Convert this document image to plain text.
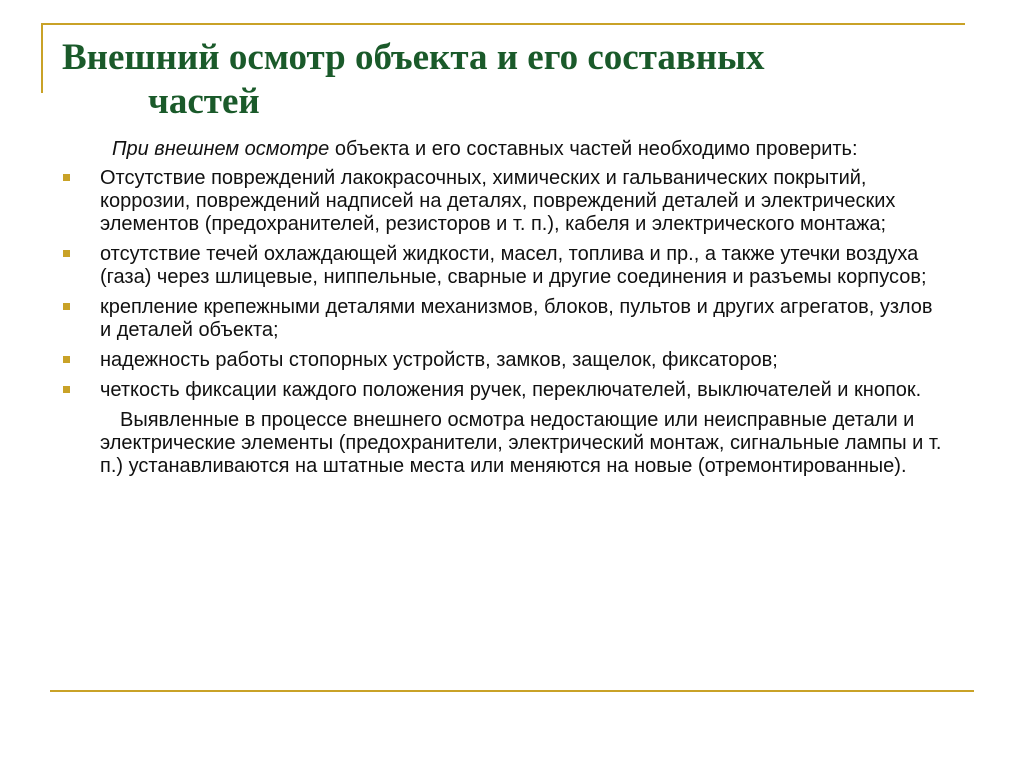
Внешний осмотр объекта и его составных
частей

При внешнем осмотре объекта и его составных частей необходимо проверить:

Отсутствие повреждений лакокрасочных, химических и гальванических покрытий, коррозии, повреждений надписей на деталях, повреждений деталей и электрических элементов (предохранителей, резисторов и т. п.), кабеля и электрического монтажа;
отсутствие течей охлаждающей жидкости, масел, топлива и пр., а также утечки воздуха (газа) через шлицевые, ниппельные, сварные и другие соединения и разъемы корпусов;
крепление крепежными деталями механизмов, блоков, пультов и других агрегатов, узлов и деталей объекта;
надежность работы стопорных устройств, замков, защелок, фиксаторов;
четкость фиксации каждого положения ручек, переключателей, выключателей и кнопок.

Выявленные в процессе внешнего осмотра недостающие или неисправные детали и электрические элементы (предохранители, электрический монтаж, сигнальные лампы и т. п.) устанавливаются на штатные места или меняются на новые (отремонтированные).
